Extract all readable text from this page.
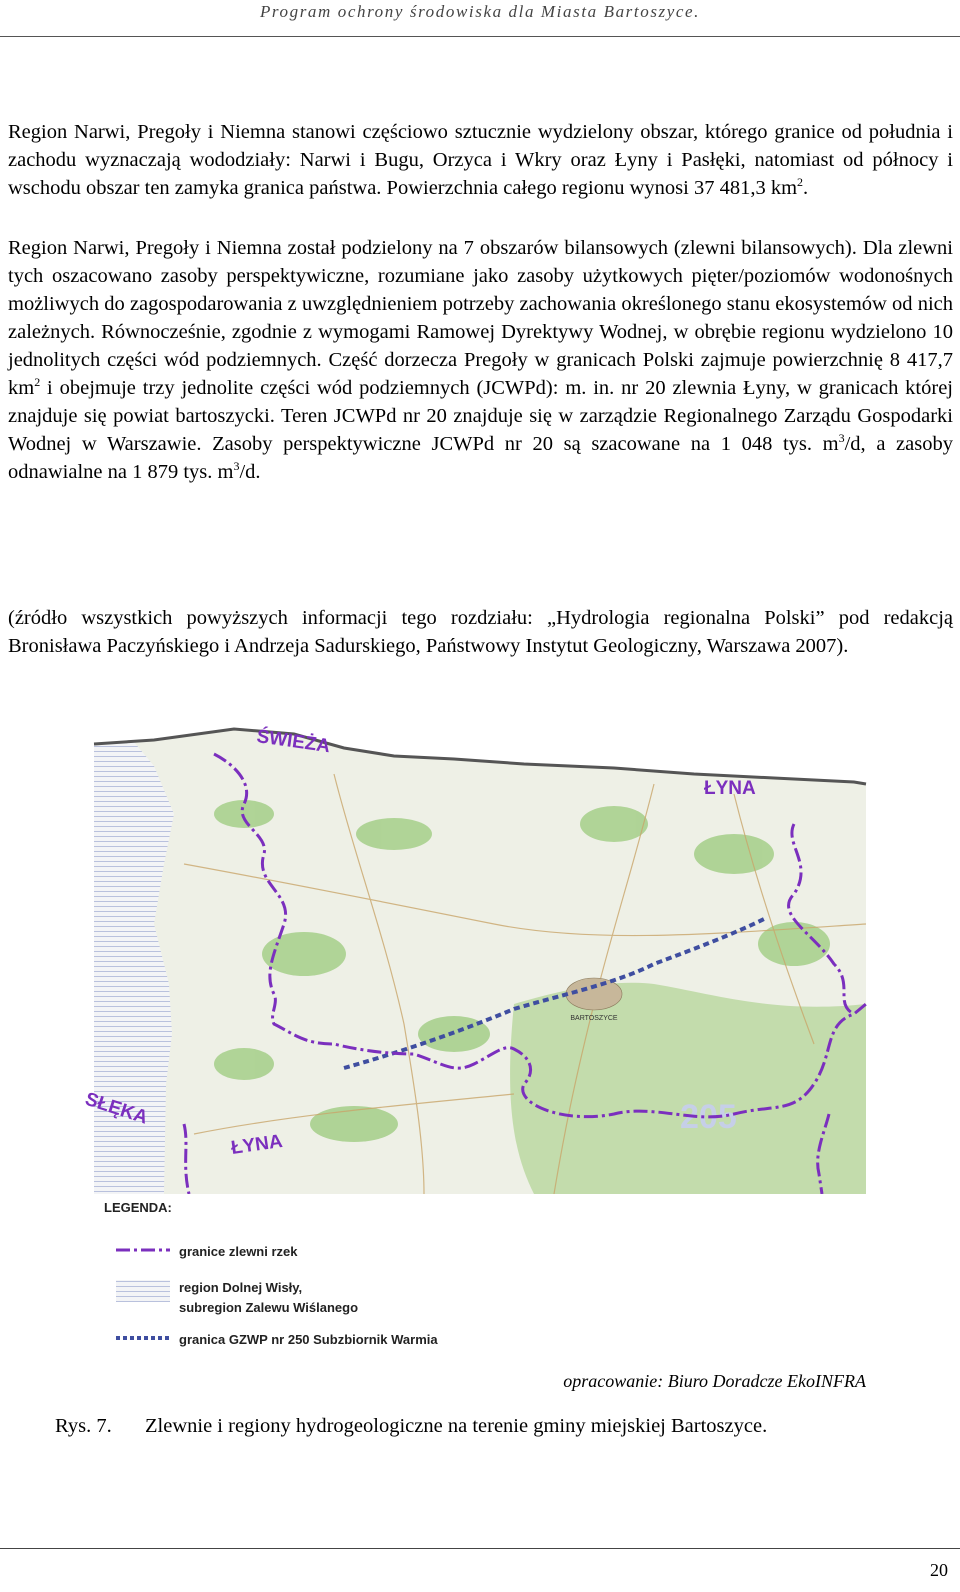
Program ochrony środowiska dla Miasta Bartoszyce.

Region Narwi, Pregoły i Niemna stanowi częściowo sztucznie wydzielony obszar, którego granice od południa i zachodu wyznaczają wododziały: Narwi i Bugu, Orzyca i Wkry oraz Łyny i Pasłęki, natomiast od północy i wschodu obszar ten zamyka granica państwa. Powierzchnia całego regionu wynosi 37 481,3 $km^2$.

Region Narwi, Pregoły i Niemna został podzielony na 7 obszarów bilansowych (zlewni bilansowych). Dla zlewni tych oszacowano zasoby perspektywiczne, rozumiane jako zasoby użytkowych pięter/poziomów wodonośnych możliwych do zagospodarowania z uwzględnieniem potrzeby zachowania określonego stanu ekosystemów od nich zależnych. Równocześnie, zgodnie z wymogami Ramowej Dyrektywy Wodnej, w obrębie regionu wydzielono 10 jednolitych części wód podziemnych. Część dorzecza Pregoły w granicach Polski zajmuje powierzchnię 8 417,7 $km^2$ i obejmuje trzy jednolite części wód podziemnych (JCWPd): m. in. nr 20 zlewnia Łyny, w granicach której znajduje się powiat bartoszycki. Teren JCWPd nr 20 znajduje się w zarządzie Regionalnego Zarządu Gospodarki Wodnej w Warszawie. Zasoby perspektywiczne JCWPd nr 20 są szacowane na 1 048 tys. $m^3/d$, a zasoby odnawialne na 1 879 tys. $m^3/d$.

(źródło wszystkich powyższych informacji tego rozdziału: „Hydrologia regionalna Polski” pod redakcją Bronisława Paczyńskiego i Andrzeja Sadurskiego, Państwowy Instytut Geologiczny, Warszawa 2007).

BARTOSZYCE
205
ŚWIEŻA
ŁYNA
ŁYNA
SŁĘKA
LEGENDA:
granice zlewni rzek
region Dolnej Wisły,
subregion Zalewu Wiślanego
granica GZWP nr 250 Subzbiornik Warmia
opracowanie: Biuro Doradcze EkoINFRA
Rys. 7. Zlewnie i regiony hydrogeologiczne na terenie gminy miejskiej Bartoszyce.
20
